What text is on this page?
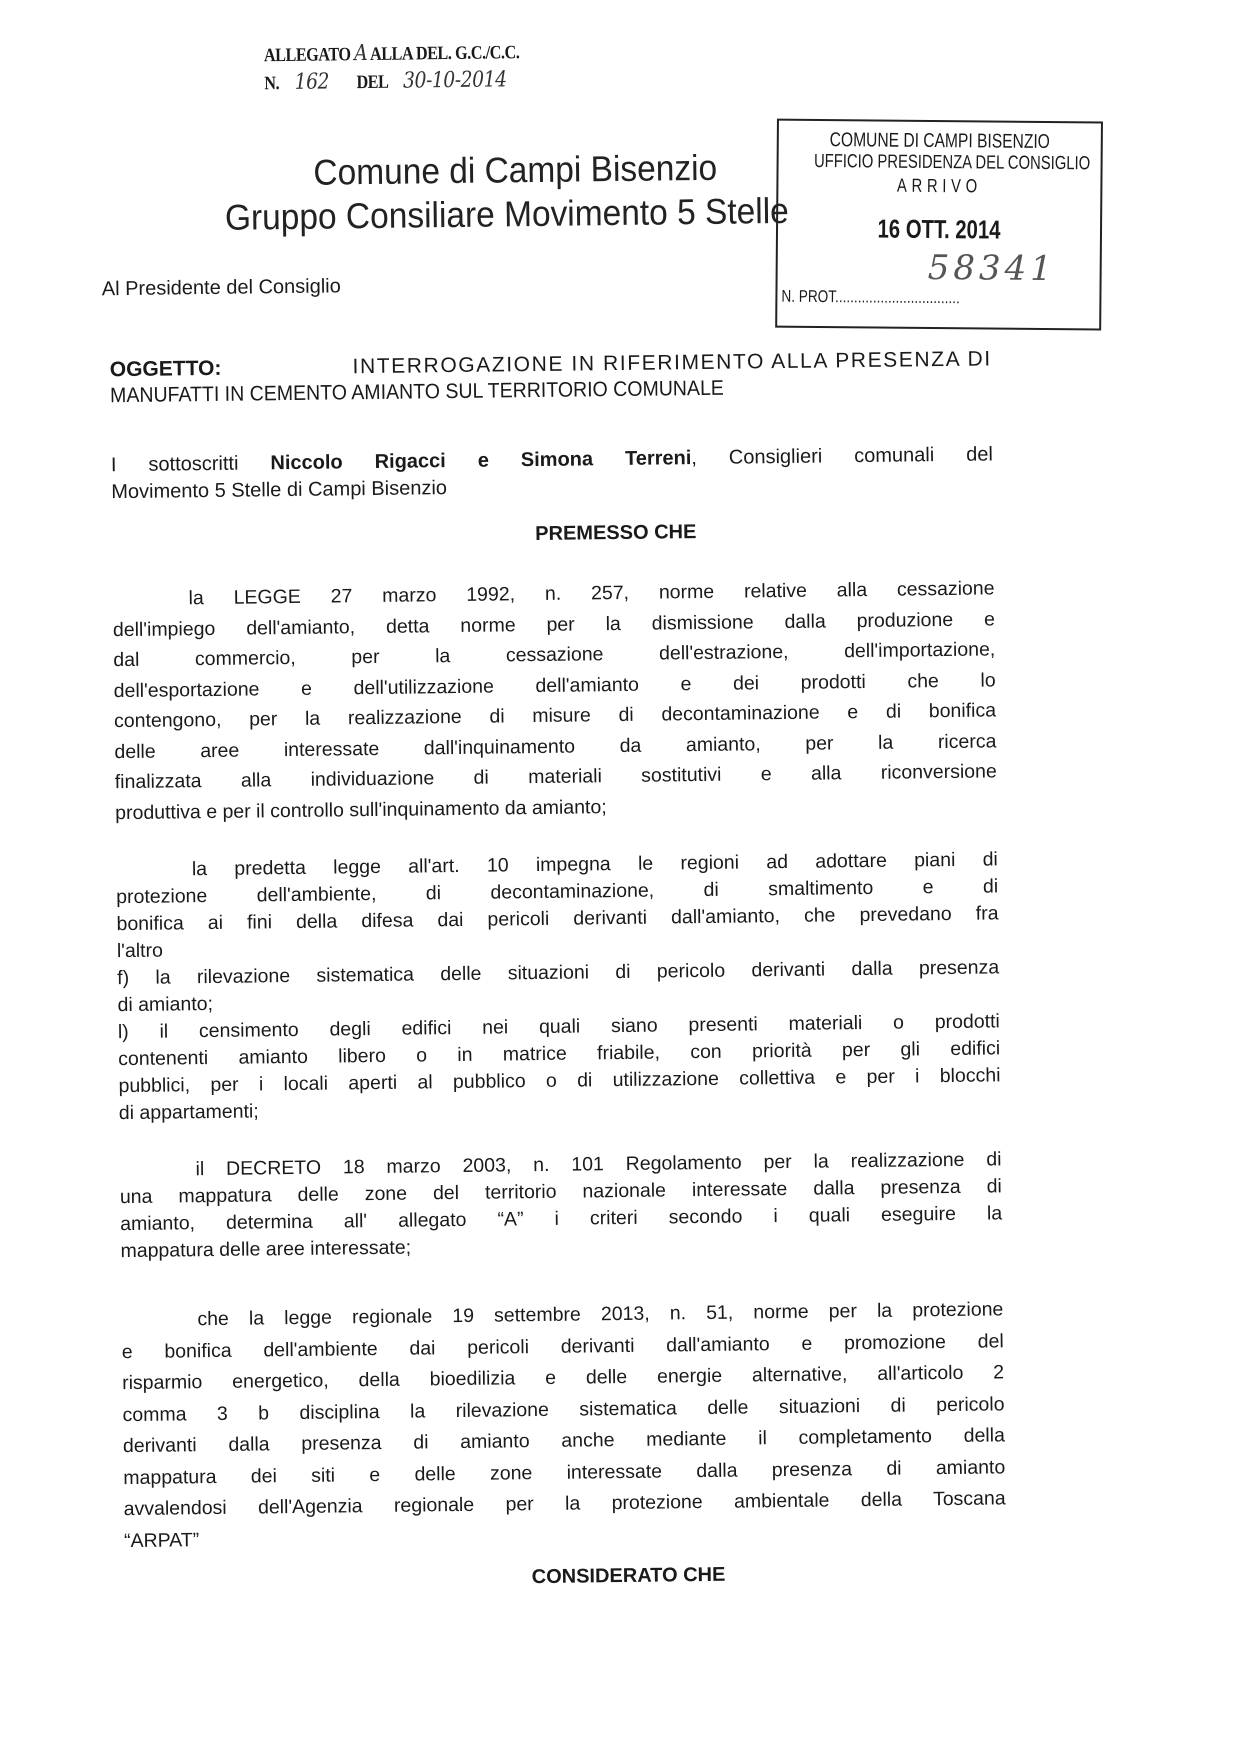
ALLEGATO A ALLA DEL. G.C./C.C.
N. 162 DEL 30-10-2014
Comune di Campi Bisenzio
Gruppo Consiliare Movimento 5 Stelle
COMUNE DI CAMPI BISENZIO
UFFICIO PRESIDENZA DEL CONSIGLIO
ARRIVO
16 OTT. 2014
N. PROT.................................
58341
Al Presidente del Consiglio
OGGETTO:	INTERROGAZIONE IN RIFERIMENTO ALLA PRESENZA DI
MANUFATTI IN CEMENTO AMIANTO SUL TERRITORIO COMUNALE
I sottoscritti Niccolo Rigacci e Simona Terreni, Consiglieri comunali del
Movimento 5 Stelle di Campi Bisenzio
PREMESSO CHE
la LEGGE 27 marzo 1992, n. 257, norme relative alla cessazione
dell'impiego dell'amianto, detta norme per la dismissione dalla produzione e
dal commercio, per la cessazione dell'estrazione, dell'importazione,
dell'esportazione e dell'utilizzazione dell'amianto e dei prodotti che lo
contengono, per la realizzazione di misure di decontaminazione e di bonifica
delle aree interessate dall'inquinamento da amianto, per la ricerca
finalizzata alla individuazione di materiali sostitutivi e alla riconversione
produttiva e per il controllo sull'inquinamento da amianto;
la predetta legge all'art. 10 impegna le regioni ad adottare piani di
protezione dell'ambiente, di decontaminazione, di smaltimento e di
bonifica ai fini della difesa dai pericoli derivanti dall'amianto, che prevedano fra
l'altro
f) la rilevazione sistematica delle situazioni di pericolo derivanti dalla presenza
di amianto;
l) il censimento degli edifici nei quali siano presenti materiali o prodotti
contenenti amianto libero o in matrice friabile, con priorità per gli edifici
pubblici, per i locali aperti al pubblico o di utilizzazione collettiva e per i blocchi
di appartamenti;
il DECRETO 18 marzo 2003, n. 101 Regolamento per la realizzazione di
una mappatura delle zone del territorio nazionale interessate dalla presenza di
amianto, determina all' allegato “A” i criteri secondo i quali eseguire la
mappatura delle aree interessate;
che la legge regionale 19 settembre 2013, n. 51, norme per la protezione
e bonifica dell'ambiente dai pericoli derivanti dall'amianto e promozione del
risparmio energetico, della bioedilizia e delle energie alternative, all'articolo 2
comma 3 b disciplina la rilevazione sistematica delle situazioni di pericolo
derivanti dalla presenza di amianto anche mediante il completamento della
mappatura dei siti e delle zone interessate dalla presenza di amianto
avvalendosi dell'Agenzia regionale per la protezione ambientale della Toscana
“ARPAT”
CONSIDERATO CHE
